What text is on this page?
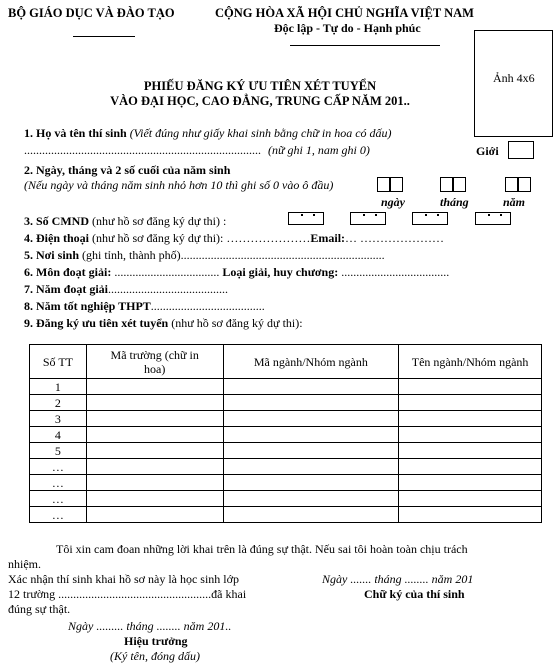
BỘ GIÁO DỤC VÀ ĐÀO TẠO	CỘNG HÒA XÃ HỘI CHỦ NGHĨA VIỆT NAM
Độc lập - Tự do - Hạnh phúc
Ảnh 4x6
PHIẾU ĐĂNG KÝ ƯU TIÊN XÉT TUYỂN
VÀO ĐẠI HỌC, CAO ĐẲNG, TRUNG CẤP NĂM 201..
1. Họ và tên thí sinh (Viết đúng như giấy khai sinh bằng chữ in hoa có dấu)
............................................................................... (nữ ghi 1, nam ghi 0)	Giới
2. Ngày, tháng và 2 số cuối của năm sinh
(Nếu ngày và tháng năm sinh nhỏ hơn 10 thì ghi số 0 vào ô đầu)
ngày	tháng	năm
3. Số CMND (như hồ sơ đăng ký dự thi) :
4. Điện thoại (như hồ sơ đăng ký dự thi): …………………Email:… …………………
5. Nơi sinh (ghi tỉnh, thành phố)....................................................................
6. Môn đoạt giải: ................................... Loại giải, huy chương: ....................................
7. Năm đoạt giải........................................
8. Năm tốt nghiệp THPT......................................
9. Đăng ký ưu tiên xét tuyển (như hồ sơ đăng ký dự thi):
Số TT	Mã trường (chữ in hoa)	Mã ngành/Nhóm ngành	Tên ngành/Nhóm ngành
1			
2			
3			
4			
5			
…			
…			
…			
…			
Tôi xin cam đoan những lời khai trên là đúng sự thật. Nếu sai tôi hoàn toàn chịu trách
nhiệm.
Xác nhận thí sinh khai hồ sơ này là học sinh lớp
12 trường ...................................................đã khai
đúng sự thật.
Ngày ....... tháng ........ năm 201
Chữ ký của thí sinh
Ngày ......... tháng ........ năm 201..
Hiệu trưởng
(Ký tên, đóng dấu)
